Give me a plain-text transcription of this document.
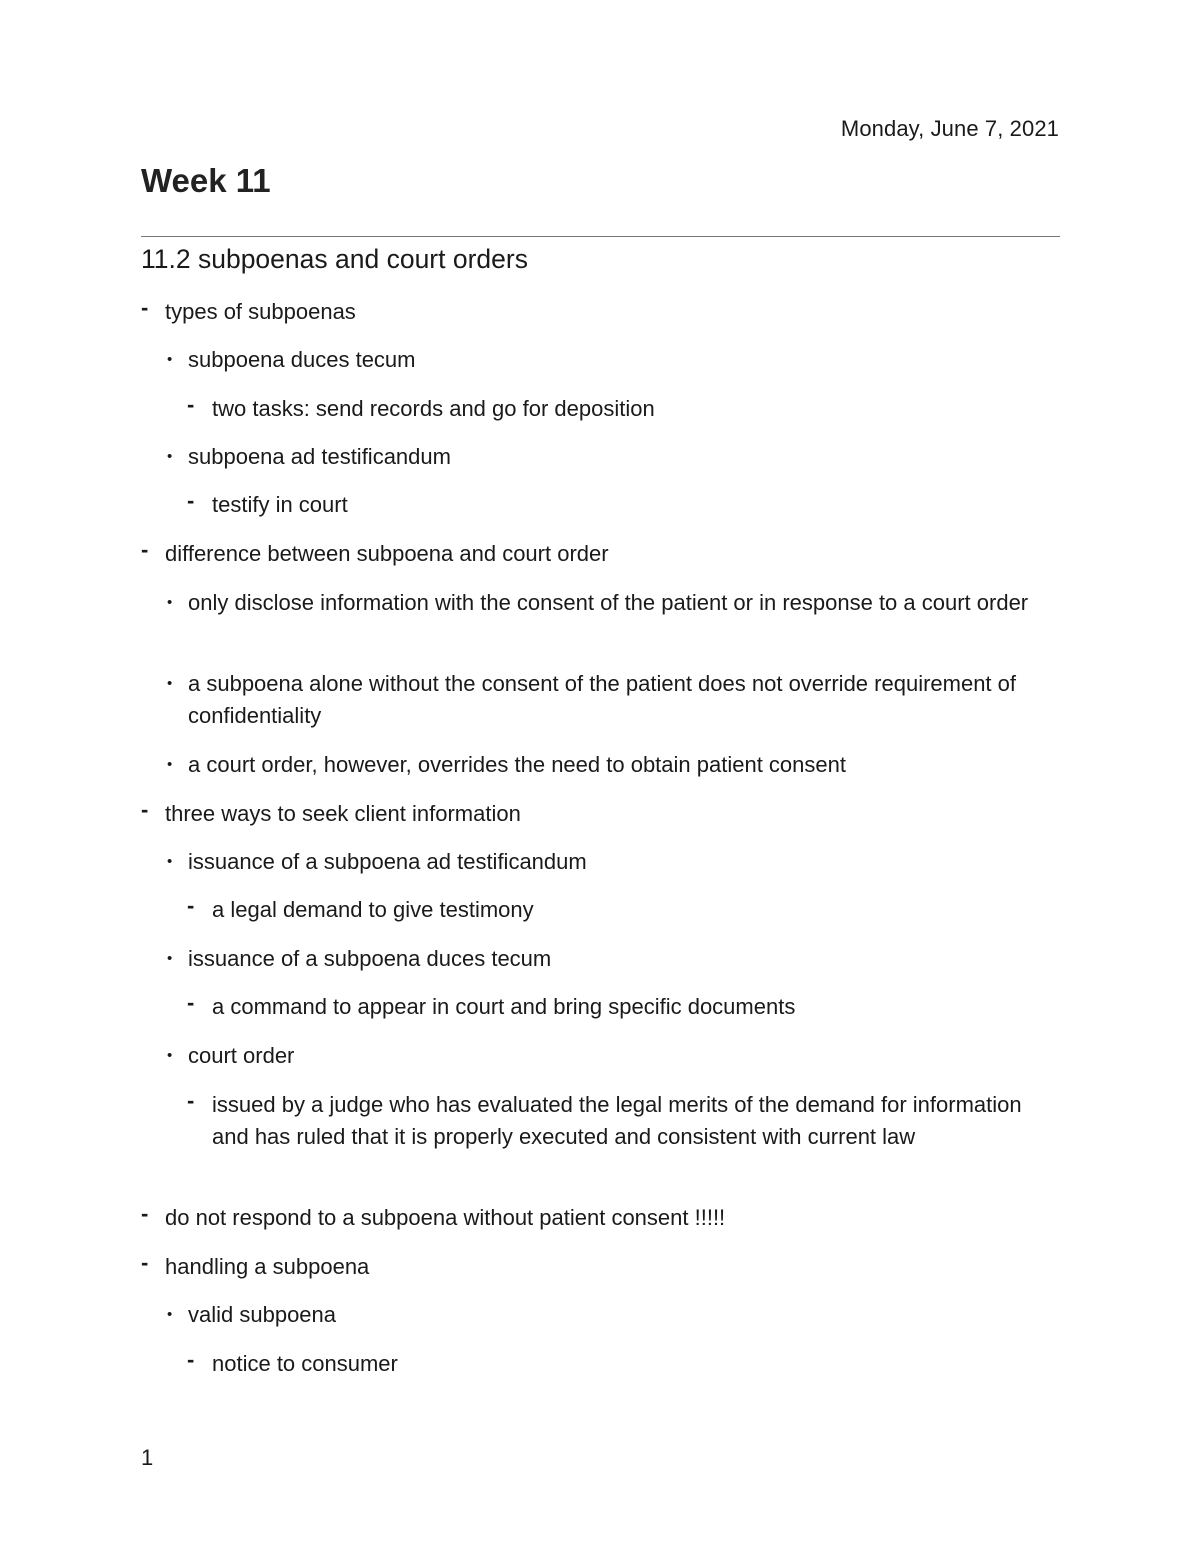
Monday, June 7, 2021
Week 11
11.2 subpoenas and court orders
- types of subpoenas
• subpoena duces tecum
- two tasks: send records and go for deposition
• subpoena ad testificandum
- testify in court
- difference between subpoena and court order
• only disclose information with the consent of the patient or in response to a court order
• a subpoena alone without the consent of the patient does not override requirement of confidentiality
• a court order, however, overrides the need to obtain patient consent
- three ways to seek client information
• issuance of a subpoena ad testificandum
- a legal demand to give testimony
• issuance of a subpoena duces tecum
- a command to appear in court and bring specific documents
• court order
- issued by a judge who has evaluated the legal merits of the demand for information and has ruled that it is properly executed and consistent with current law
- do not respond to a subpoena without patient consent !!!!!
- handling a subpoena
• valid subpoena
- notice to consumer
1
